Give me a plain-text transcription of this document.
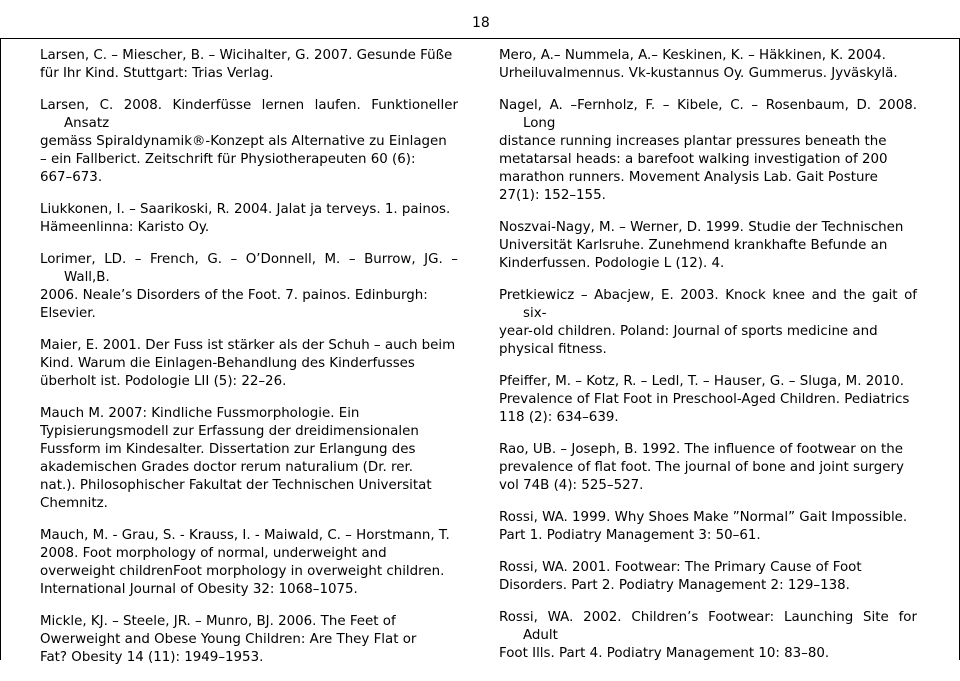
18
Larsen, C. – Miescher, B. – Wicihalter, G. 2007. Gesunde Füße
für Ihr Kind. Stuttgart: Trias Verlag.
Larsen, C. 2008. Kinderfüsse lernen laufen. Funktioneller Ansatz
gemäss Spiraldynamik®-Konzept als Alternative zu Einlagen
– ein Fallberict. Zeitschrift für Physiotherapeuten 60 (6):
667–673.
Liukkonen, I. – Saarikoski, R. 2004. Jalat ja terveys. 1. painos.
Hämeenlinna: Karisto Oy.
Lorimer, LD. – French, G. – O’Donnell, M. – Burrow, JG. – Wall,B.
2006. Neale’s Disorders of the Foot. 7. painos. Edinburgh:
Elsevier.
Maier, E. 2001. Der Fuss ist stärker als der Schuh – auch beim
Kind. Warum die Einlagen-Behandlung des Kinderfusses
überholt ist. Podologie LII (5): 22–26.
Mauch M. 2007: Kindliche Fussmorphologie. Ein
Typisierungsmodell zur Erfassung der dreidimensionalen
Fussform im Kindesalter. Dissertation zur Erlangung des
akademischen Grades doctor rerum naturalium (Dr. rer.
nat.). Philosophischer Fakultat der Technischen Universitat
Chemnitz.
Mauch, M. - Grau, S. - Krauss, I. - Maiwald, C. – Horstmann, T.
2008. Foot morphology of normal, underweight and
overweight childrenFoot morphology in overweight children.
International Journal of Obesity 32: 1068–1075.
Mickle, KJ. – Steele, JR. – Munro, BJ. 2006. The Feet of
Owerweight and Obese Young Children: Are They Flat or
Fat? Obesity 14 (11): 1949–1953.
Mero, A.– Nummela, A.– Keskinen, K. – Häkkinen, K. 2004.
Urheiluvalmennus. Vk-kustannus Oy. Gummerus. Jyväskylä.
Nagel, A. –Fernholz, F. – Kibele, C. – Rosenbaum, D. 2008. Long
distance running increases plantar pressures beneath the
metatarsal heads: a barefoot walking investigation of 200
marathon runners. Movement Analysis Lab. Gait Posture
27(1): 152–155.
Noszvai-Nagy, M. – Werner, D. 1999. Studie der Technischen
Universität Karlsruhe. Zunehmend krankhafte Befunde an
Kinderfussen. Podologie L (12). 4.
Pretkiewicz – Abacjew, E. 2003. Knock knee and the gait of six-
year-old children. Poland: Journal of sports medicine and
physical fitness.
Pfeiffer, M. – Kotz, R. – Ledl, T. – Hauser, G. – Sluga, M. 2010.
Prevalence of Flat Foot in Preschool-Aged Children. Pediatrics
118 (2): 634–639.
Rao, UB. – Joseph, B. 1992. The influence of footwear on the
prevalence of flat foot. The journal of bone and joint surgery
vol 74B (4): 525–527.
Rossi, WA. 1999. Why Shoes Make ”Normal” Gait Impossible.
Part 1. Podiatry Management 3: 50–61.
Rossi, WA. 2001. Footwear: The Primary Cause of Foot
Disorders. Part 2. Podiatry Management 2: 129–138.
Rossi, WA. 2002. Children’s Footwear: Launching Site for Adult
Foot Ills. Part 4. Podiatry Management 10: 83–80.
